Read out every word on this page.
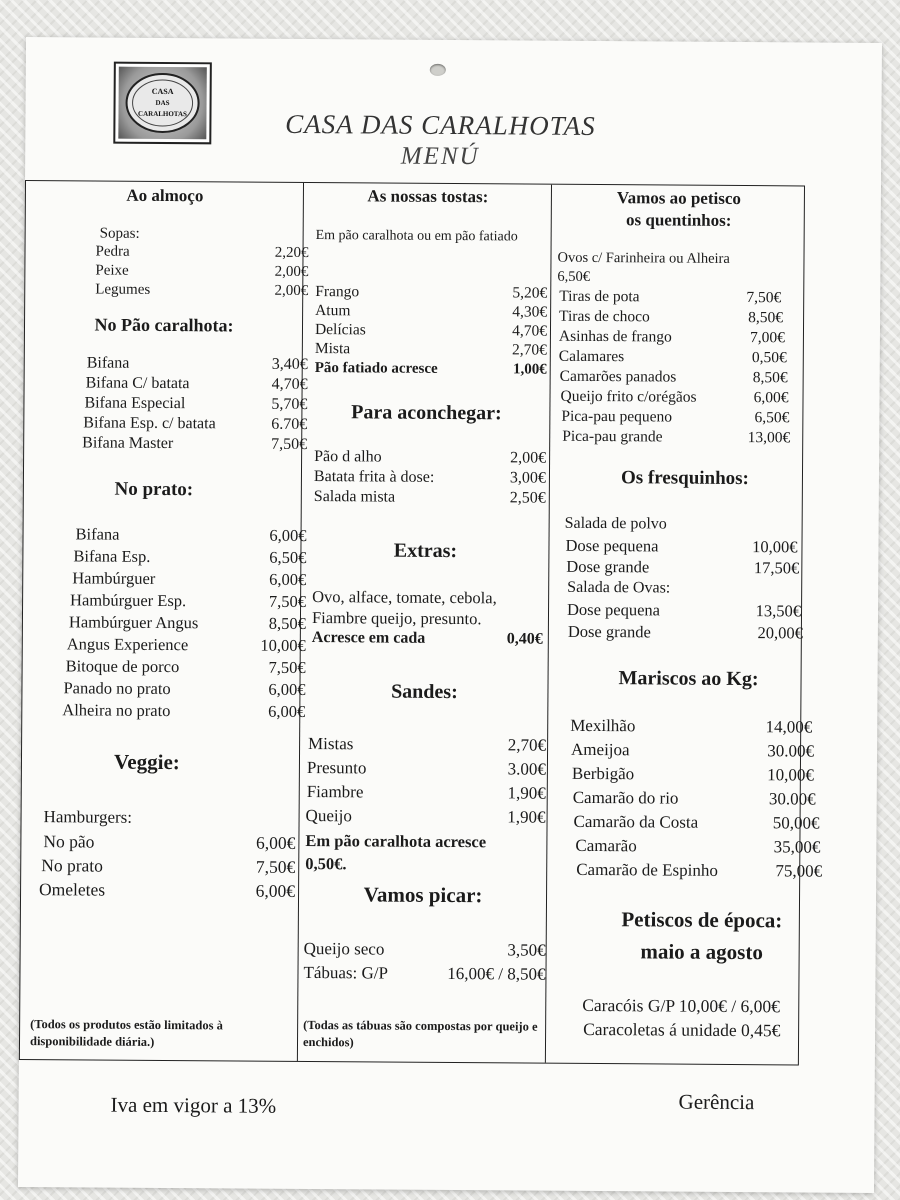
CASA
DAS
CARALHOTAS	CASA DAS CARALHOTAS
MENÚ
Ao almoço
Sopas:
Pedra	2,20€
Peixe	2,00€
Legumes	2,00€
No Pão caralhota:
Bifana	3,40€
Bifana C/ batata	4,70€
Bifana Especial	5,70€
Bifana Esp. c/ batata	6.70€
Bifana Master	7,50€
No prato:
Bifana	6,00€
Bifana Esp.	6,50€
Hambúrguer	6,00€
Hambúrguer Esp.	7,50€
Hambúrguer Angus	8,50€
Angus Experience	10,00€
Bitoque de porco	7,50€
Panado no prato	6,00€
Alheira no prato	6,00€
Veggie:
Hamburgers:
No pão	6,00€
No prato	7,50€
Omeletes	6,00€
(Todos os produtos estão limitados à disponibilidade diária.)
As nossas tostas:
Em pão caralhota ou em pão fatiado
Frango	5,20€
Atum	4,30€
Delícias	4,70€
Mista	2,70€
Pão fatiado acresce	1,00€
Para aconchegar:
Pão d alho	2,00€
Batata frita à dose:	3,00€
Salada mista	2,50€
Extras:
Ovo, alface, tomate, cebola,
Fiambre queijo, presunto.
Acresce em cada	0,40€
Sandes:
Mistas	2,70€
Presunto	3.00€
Fiambre	1,90€
Queijo	1,90€
Em pão caralhota acresce
0,50€.
Vamos picar:
Queijo seco	3,50€
Tábuas: G/P	16,00€ / 8,50€
(Todas as tábuas são compostas por queijo e enchidos)
Vamos ao petisco
os quentinhos:
Ovos c/ Farinheira ou Alheira
6,50€
Tiras de pota	7,50€
Tiras de choco	8,50€
Asinhas de frango	7,00€
Calamares	0,50€
Camarões panados	8,50€
Queijo frito c/orégãos	6,00€
Pica-pau pequeno	6,50€
Pica-pau grande	13,00€
Os fresquinhos:
Salada de polvo
Dose pequena	10,00€
Dose grande	17,50€
Salada de Ovas:
Dose pequena	13,50€
Dose grande	20,00€
Mariscos ao Kg:
Mexilhão	14,00€
Ameijoa	30.00€
Berbigão	10,00€
Camarão do rio	30.00€
Camarão da Costa	50,00€
Camarão	35,00€
Camarão de Espinho	75,00€
Petiscos de época:
maio a agosto
Caracóis G/P 10,00€ / 6,00€
Caracoletas á unidade 0,45€
Iva em vigor a 13%	Gerência
